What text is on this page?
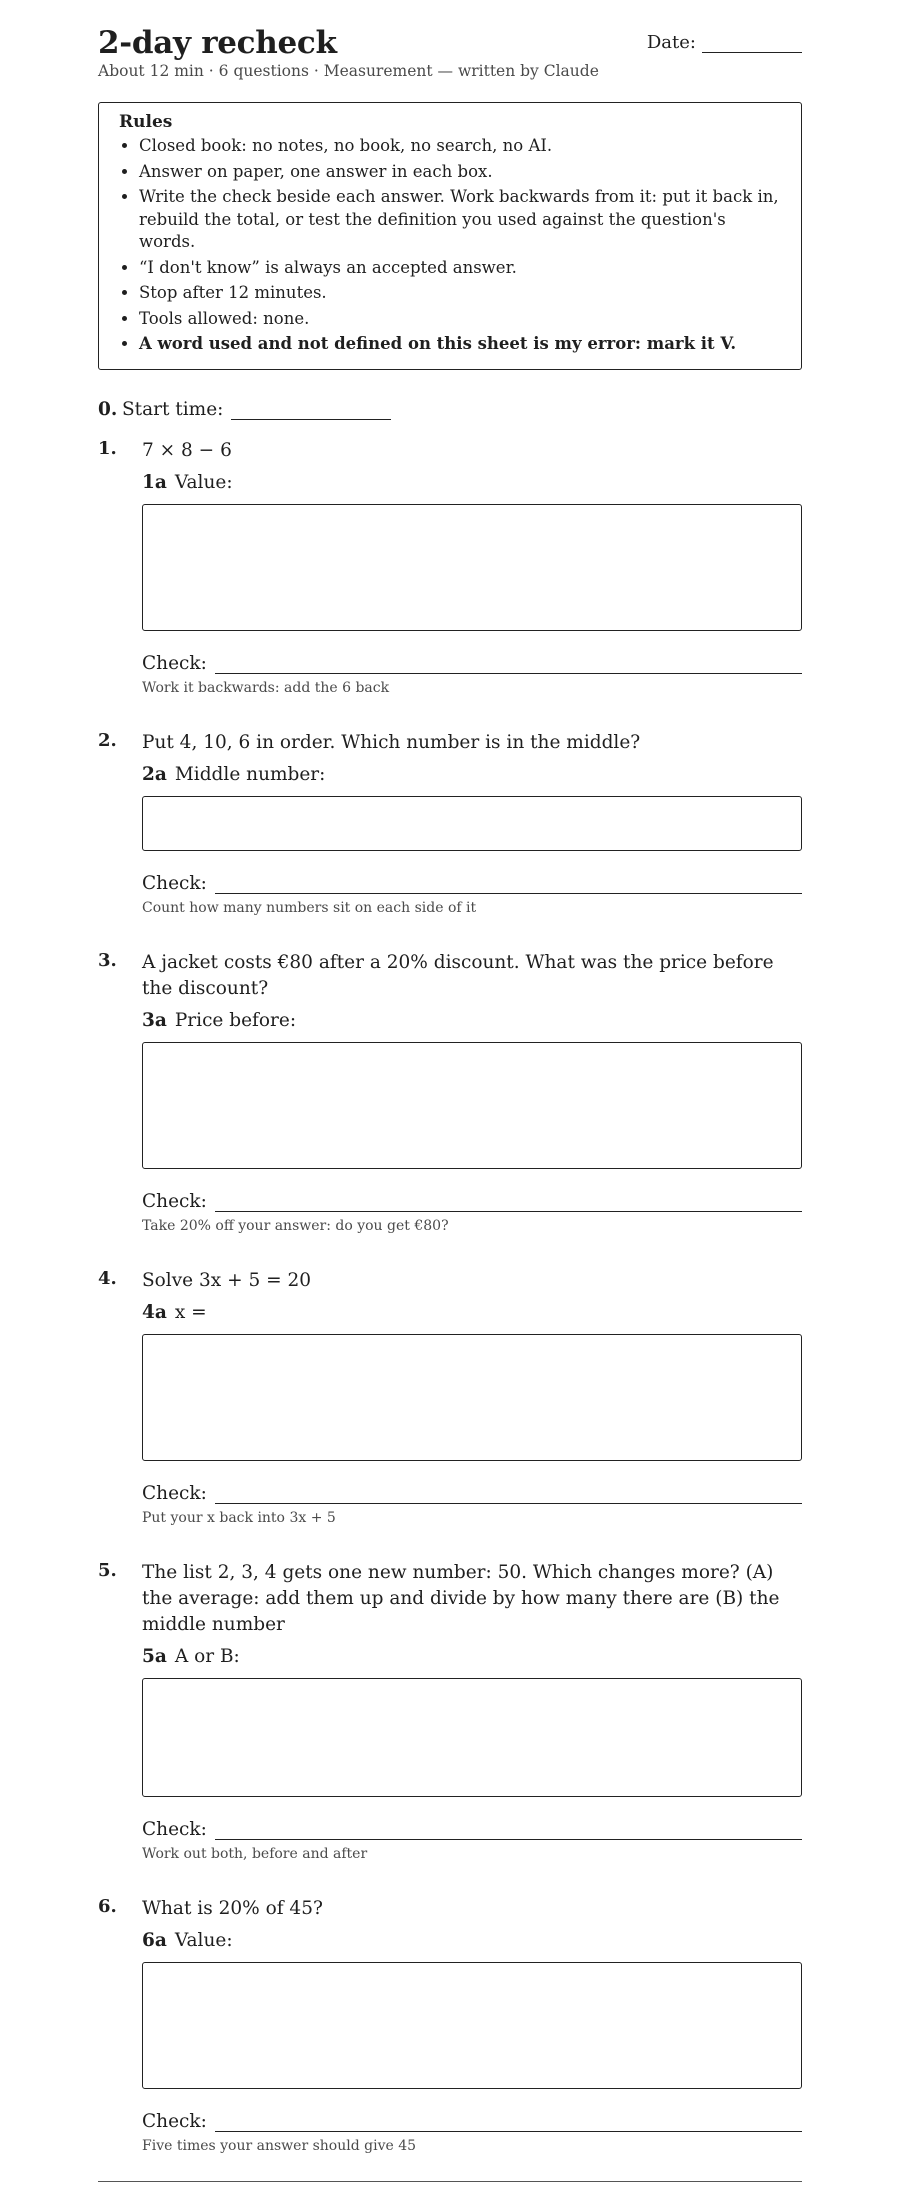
2-day recheck	Date:
About 12 min · 6 questions · Measurement — written by Claude
Rules
• Closed book: no notes, no book, no search, no AI.
• Answer on paper, one answer in each box.
• Write the check beside each answer. Work backwards from it: put it back in, rebuild the total, or test the definition you used against the question's words.
• “I don't know” is always an accepted answer.
• Stop after 12 minutes.
• Tools allowed: none.
• A word used and not defined on this sheet is my error: mark it V.
0. Start time:
1. 7 × 8 − 6
1a Value:
Check:
Work it backwards: add the 6 back
2. Put 4, 10, 6 in order. Which number is in the middle?
2a Middle number:
Check:
Count how many numbers sit on each side of it
3. A jacket costs €80 after a 20% discount. What was the price before the discount?
3a Price before:
Check:
Take 20% off your answer: do you get €80?
4. Solve 3x + 5 = 20
4a x =
Check:
Put your x back into 3x + 5
5. The list 2, 3, 4 gets one new number: 50. Which changes more? (A) the average: add them up and divide by how many there are (B) the middle number
5a A or B:
Check:
Work out both, before and after
6. What is 20% of 45?
6a Value:
Check:
Five times your answer should give 45
